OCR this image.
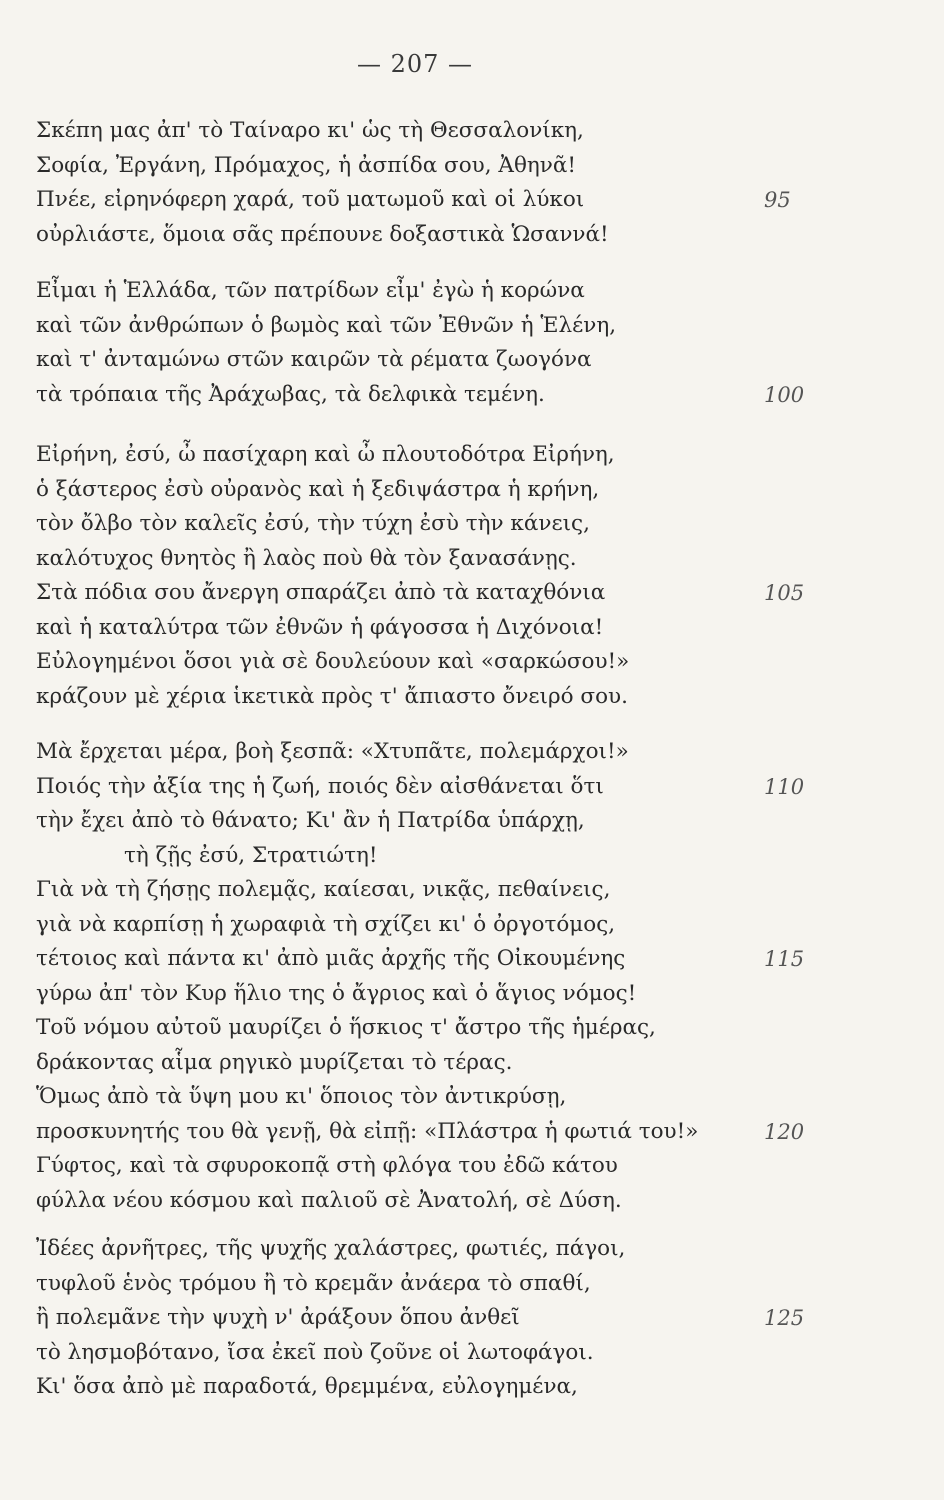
— 207 —
Σκέπη μας ἀπ' τὸ Ταίναρο κι' ὡς τὴ Θεσσαλονίκη,
Σοφία, Ἐργάνη, Πρόμαχος, ἡ ἀσπίδα σου, Ἀθηνᾶ!
Πνέε, εἰρηνόφερη χαρά, τοῦ ματωμοῦ καὶ οἱ λύκοι	95
οὐρλιάστε, ὅμοια σᾶς πρέπουνε δοξαστικὰ Ὡσαννά!
Εἶμαι ἡ Ἑλλάδα, τῶν πατρίδων εἶμ' ἐγὼ ἡ κορώνα
καὶ τῶν ἀνθρώπων ὁ βωμὸς καὶ τῶν Ἐθνῶν ἡ Ἑλένη,
καὶ τ' ἀνταμώνω στῶν καιρῶν τὰ ρέματα ζωογόνα
τὰ τρόπαια τῆς Ἀράχωβας, τὰ δελφικὰ τεμένη.	100
Εἰρήνη, ἐσύ, ὦ πασίχαρη καὶ ὦ πλουτοδότρα Εἰρήνη,
ὁ ξάστερος ἐσὺ οὐρανὸς καὶ ἡ ξεδιψάστρα ἡ κρήνη,
τὸν ὄλβο τὸν καλεῖς ἐσύ, τὴν τύχη ἐσὺ τὴν κάνεις,
καλότυχος θνητὸς ἢ λαὸς ποὺ θὰ τὸν ξανασάνῃς.
Στὰ πόδια σου ἄνεργη σπαράζει ἀπὸ τὰ καταχθόνια	105
καὶ ἡ καταλύτρα τῶν ἐθνῶν ἡ φάγοσσα ἡ Διχόνοια!
Εὐλογημένοι ὅσοι γιὰ σὲ δουλεύουν καὶ «σαρκώσου!»
κράζουν μὲ χέρια ἱκετικὰ πρὸς τ' ἄπιαστο ὄνειρό σου.
Μὰ ἔρχεται μέρα, βοὴ ξεσπᾶ: «Χτυπᾶτε, πολεμάρχοι!»
Ποιός τὴν ἀξία της ἡ ζωή, ποιός δὲν αἰσθάνεται ὅτι	110
τὴν ἔχει ἀπὸ τὸ θάνατο; Κι' ἂν ἡ Πατρίδα ὑπάρχῃ,
τὴ ζῇς ἐσύ, Στρατιώτη!
Γιὰ νὰ τὴ ζήσῃς πολεμᾷς, καίεσαι, νικᾷς, πεθαίνεις,
γιὰ νὰ καρπίσῃ ἡ χωραφιὰ τὴ σχίζει κι' ὁ ὀργοτόμος,
τέτοιος καὶ πάντα κι' ἀπὸ μιᾶς ἀρχῆς τῆς Οἰκουμένης	115
γύρω ἀπ' τὸν Κυρ ἥλιο της ὁ ἄγριος καὶ ὁ ἅγιος νόμος!
Τοῦ νόμου αὐτοῦ μαυρίζει ὁ ἥσκιος τ' ἄστρο τῆς ἡμέρας,
δράκοντας αἷμα ρηγικὸ μυρίζεται τὸ τέρας.
Ὅμως ἀπὸ τὰ ὕψη μου κι' ὅποιος τὸν ἀντικρύσῃ,
προσκυνητής του θὰ γενῇ, θὰ εἰπῇ: «Πλάστρα ἡ φωτιά του!»	120
Γύφτος, καὶ τὰ σφυροκοπᾷ στὴ φλόγα του ἐδῶ κάτου
φύλλα νέου κόσμου καὶ παλιοῦ σὲ Ἀνατολή, σὲ Δύση.
Ἰδέες ἀρνῆτρες, τῆς ψυχῆς χαλάστρες, φωτιές, πάγοι,
τυφλοῦ ἑνὸς τρόμου ἢ τὸ κρεμᾶν ἀνάερα τὸ σπαθί,
ἢ πολεμᾶνε τὴν ψυχὴ ν' ἀράξουν ὅπου ἀνθεῖ	125
τὸ λησμοβότανο, ἴσα ἐκεῖ ποὺ ζοῦνε οἱ λωτοφάγοι.
Κι' ὅσα ἀπὸ μὲ παραδοτά, θρεμμένα, εὐλογημένα,
